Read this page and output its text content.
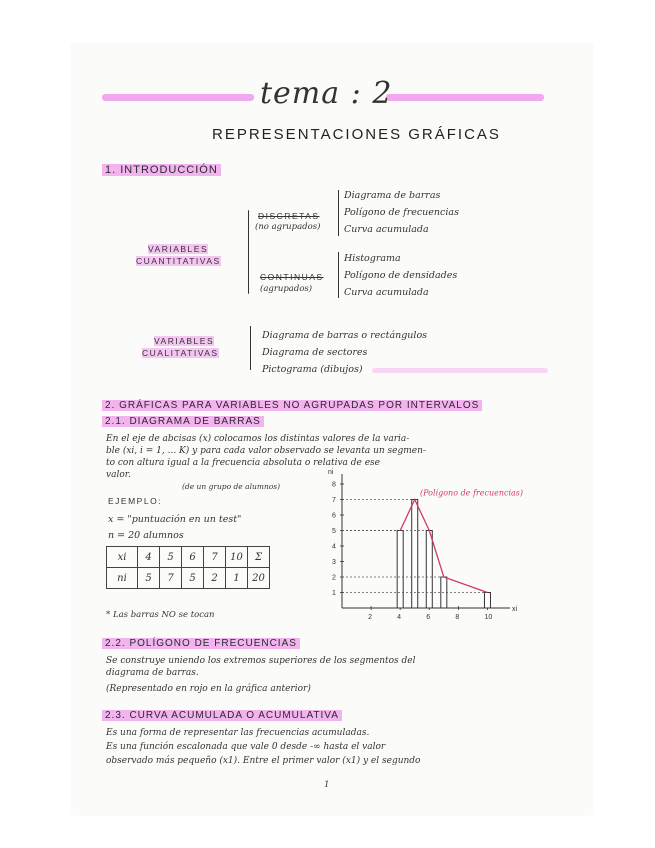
tema : 2
REPRESENTACIONES GRÁFICAS
1. INTRODUCCIÓN
VARIABLES
CUANTITATIVAS
DISCRETAS
(no agrupados)
Diagrama de barras
Polígono de frecuencias
Curva acumulada
CONTINUAS
(agrupados)
Histograma
Polígono de densidades
Curva acumulada
VARIABLES
CUALITATIVAS
Diagrama de barras o rectángulos
Diagrama de sectores
Pictograma (dibujos)
2. GRÁFICAS PARA VARIABLES NO AGRUPADAS POR INTERVALOS
2.1. DIAGRAMA DE BARRAS
En el eje de abcisas (x) colocamos los distintas valores de la varia-
ble (xi, i = 1, ... K) y para cada valor observado se levanta un segmen-
to con altura igual a la frecuencia absoluta o relativa de ese
valor.
(de un grupo de alumnos)
EJEMPLO:
x = "puntuación en un test"
n = 20 alumnos
xi	4	5	6	7	10	Σ
ni	5	7	5	2	1	20
* Las barras NO se tocan
ni
xi
1
2
3
4
5
6
7
8
2	4	6	8	10
(Polígono de frecuencias)
2.2. POLÍGONO DE FRECUENCIAS
Se construye uniendo los extremos superiores de los segmentos del
diagrama de barras.
(Representado en rojo en la gráfica anterior)
2.3. CURVA ACUMULADA O ACUMULATIVA
Es una forma de representar las frecuencias acumuladas.
Es una función escalonada que vale 0 desde -∞ hasta el valor
observado más pequeño (x1). Entre el primer valor (x1) y el segundo
1
